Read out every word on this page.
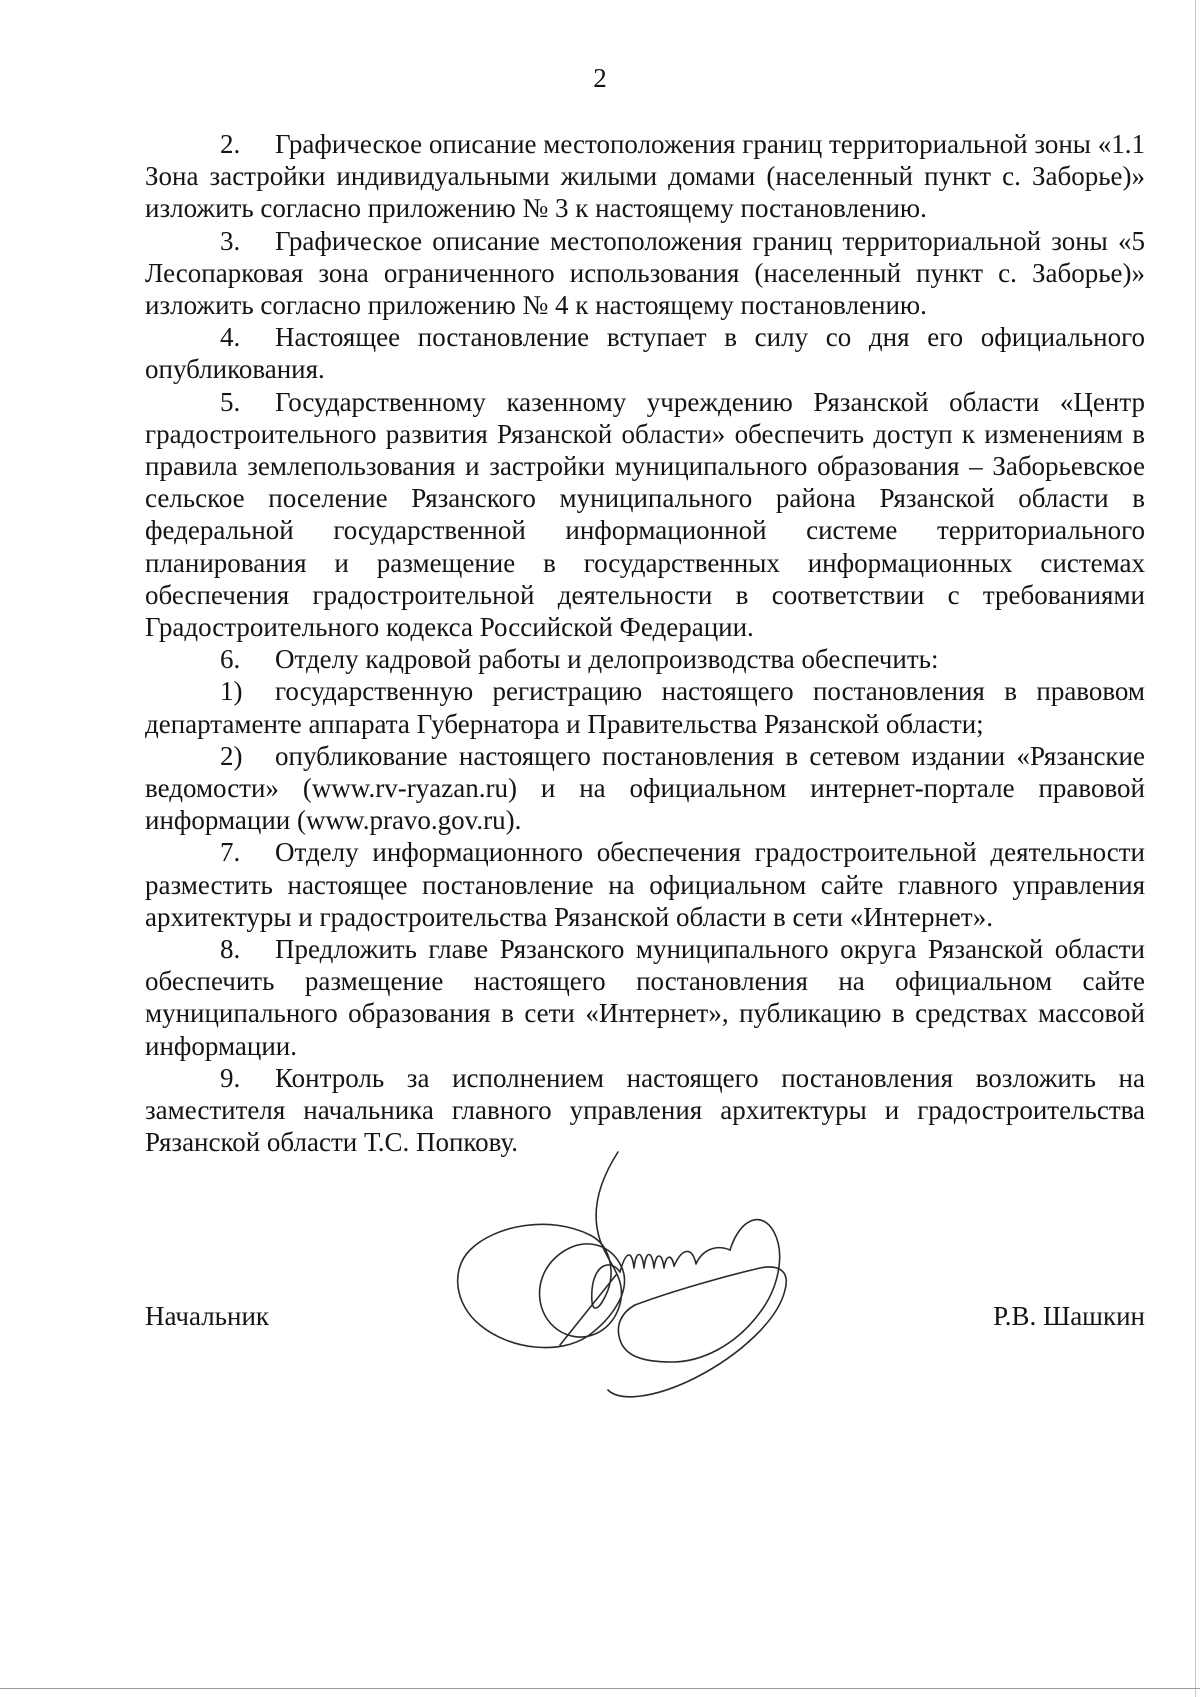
2

2. Графическое описание местоположения границ территориальной зоны «1.1 Зона застройки индивидуальными жилыми домами (населенный пункт с. Заборье)» изложить согласно приложению № 3 к настоящему постановлению.

3. Графическое описание местоположения границ территориальной зоны «5 Лесопарковая зона ограниченного использования (населенный пункт с. Заборье)» изложить согласно приложению № 4 к настоящему постановлению.

4. Настоящее постановление вступает в силу со дня его официального опубликования.

5. Государственному казенному учреждению Рязанской области «Центр градостроительного развития Рязанской области» обеспечить доступ к изменениям в правила землепользования и застройки муниципального образования – Заборьевское сельское поселение Рязанского муниципального района Рязанской области в федеральной государственной информационной системе территориального планирования и размещение в государственных информационных системах обеспечения градостроительной деятельности в соответствии с требованиями Градостроительного кодекса Российской Федерации.

6. Отделу кадровой работы и делопроизводства обеспечить:

1) государственную регистрацию настоящего постановления в правовом департаменте аппарата Губернатора и Правительства Рязанской области;

2) опубликование настоящего постановления в сетевом издании «Рязанские ведомости» (www.rv-ryazan.ru) и на официальном интернет-портале правовой информации (www.pravo.gov.ru).

7. Отделу информационного обеспечения градостроительной деятельности разместить настоящее постановление на официальном сайте главного управления архитектуры и градостроительства Рязанской области в сети «Интернет».

8. Предложить главе Рязанского муниципального округа Рязанской области обеспечить размещение настоящего постановления на официальном сайте муниципального образования в сети «Интернет», публикацию в средствах массовой информации.

9. Контроль за исполнением настоящего постановления возложить на заместителя начальника главного управления архитектуры и градостроительства Рязанской области Т.С. Попкову.

Начальник	Р.В. Шашкин
